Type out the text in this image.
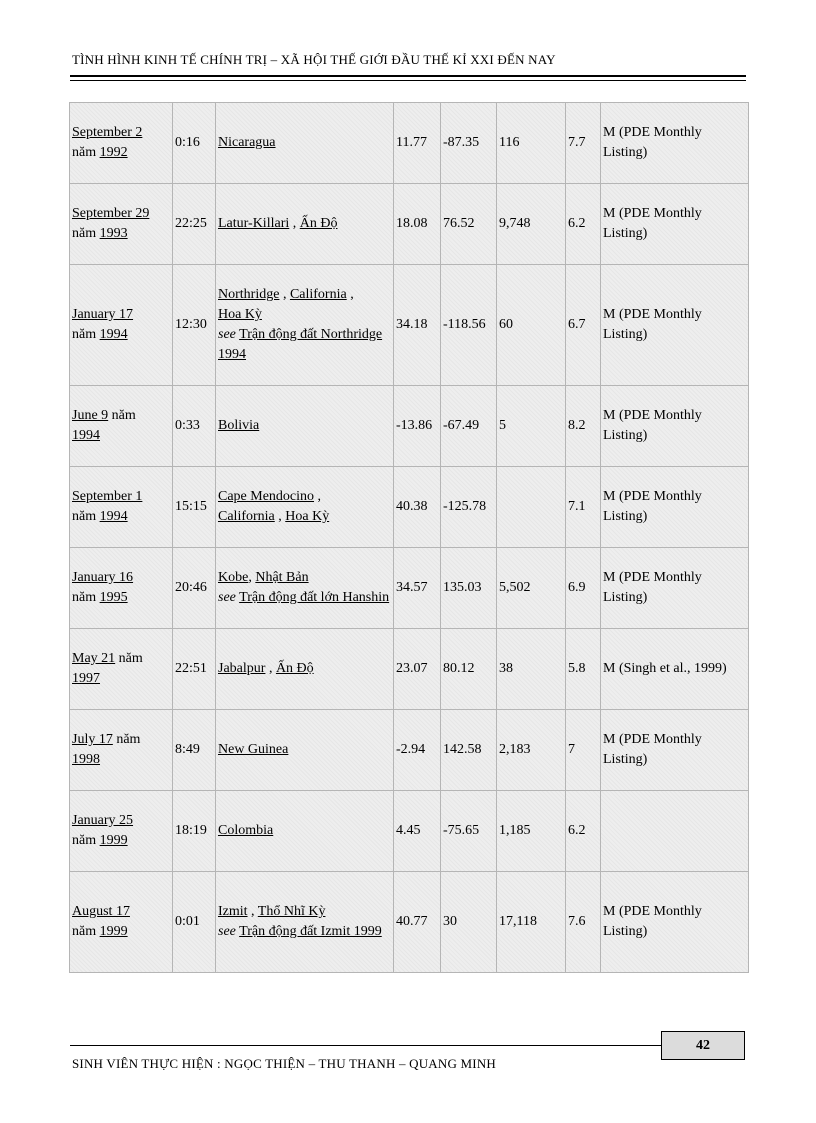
TÌNH HÌNH KINH TẾ CHÍNH TRỊ – XÃ HỘI THẾ GIỚI ĐẦU THẾ KỈ XXI ĐẾN NAY
September 2
năm 1992	0:16	Nicaragua	11.77	-87.35	116	7.7	M (PDE Monthly Listing)
September 29
năm 1993	22:25	Latur-Killari , Ấn Độ	18.08	76.52	9,748	6.2	M (PDE Monthly Listing)
January 17
năm 1994	12:30	Northridge , California ,
Hoa Kỳ
see Trận động đất Northridge 1994	34.18	-118.56	60	6.7	M (PDE Monthly Listing)
June 9 năm
1994	0:33	Bolivia	-13.86	-67.49	5	8.2	M (PDE Monthly Listing)
September 1
năm 1994	15:15	Cape Mendocino ,
California , Hoa Kỳ	40.38	-125.78		7.1	M (PDE Monthly Listing)
January 16
năm 1995	20:46	Kobe, Nhật Bản
see Trận động đất lớn Hanshin	34.57	135.03	5,502	6.9	M (PDE Monthly Listing)
May 21 năm
1997	22:51	Jabalpur , Ấn Độ	23.07	80.12	38	5.8	M (Singh et al., 1999)
July 17 năm
1998	8:49	New Guinea	-2.94	142.58	2,183	7	M (PDE Monthly Listing)
January 25
năm 1999	18:19	Colombia	4.45	-75.65	1,185	6.2	
August 17
năm 1999	0:01	Izmit , Thổ Nhĩ Kỳ
see Trận động đất Izmit 1999	40.77	30	17,118	7.6	M (PDE Monthly Listing)
42
SINH VIÊN THỰC HIỆN : NGỌC THIỆN – THU THANH – QUANG MINH
